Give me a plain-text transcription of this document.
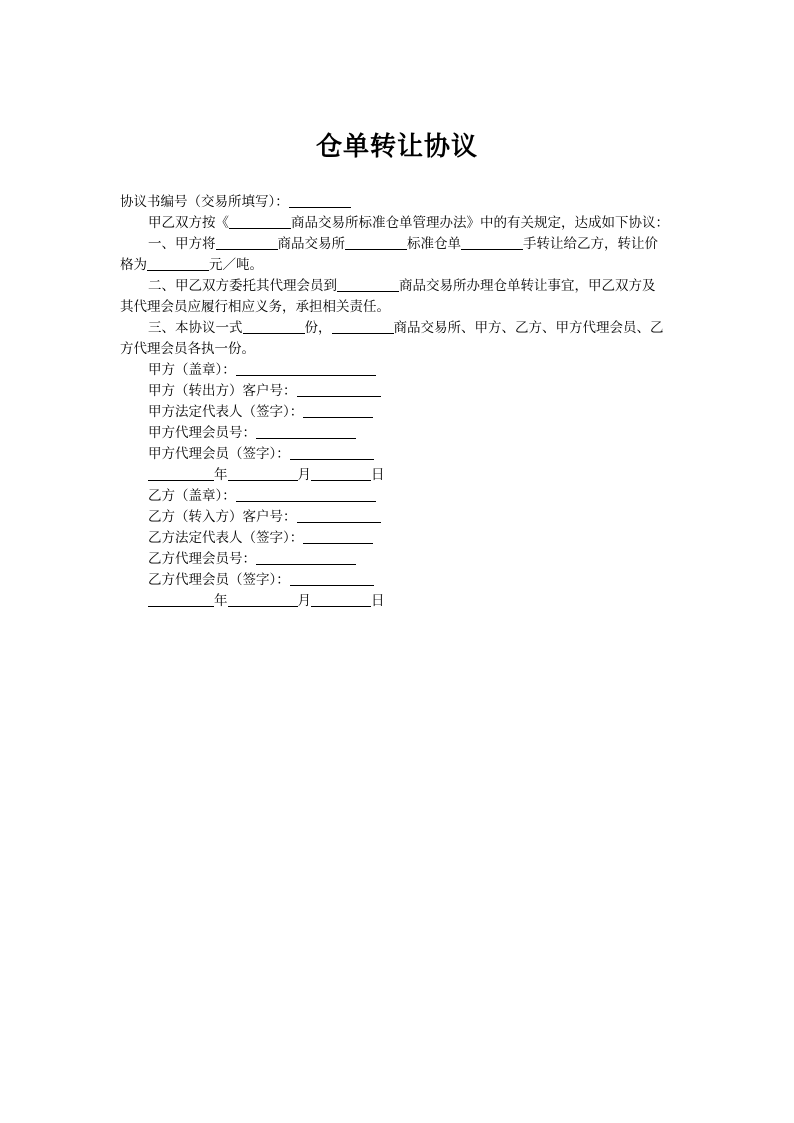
仓单转让协议
协议书编号（交易所填写）：
甲乙双方按《	商品交易所标准仓单管理办法》中的有关规定，达成如下协议：
一、甲方将	商品交易所	标准仓单	手转让给乙方，转让价
格为	元／吨。
二、甲乙双方委托其代理会员到	商品交易所办理仓单转让事宜，甲乙双方及
其代理会员应履行相应义务，承担相关责任。
三、本协议一式	份，	商品交易所、甲方、乙方、甲方代理会员、乙
方代理会员各执一份。
甲方（盖章）：
甲方（转出方）客户号：
甲方法定代表人（签字）：
甲方代理会员号：
甲方代理会员（签字）：
年	月	日
乙方（盖章）：
乙方（转入方）客户号：
乙方法定代表人（签字）：
乙方代理会员号：
乙方代理会员（签字）：
年	月	日
